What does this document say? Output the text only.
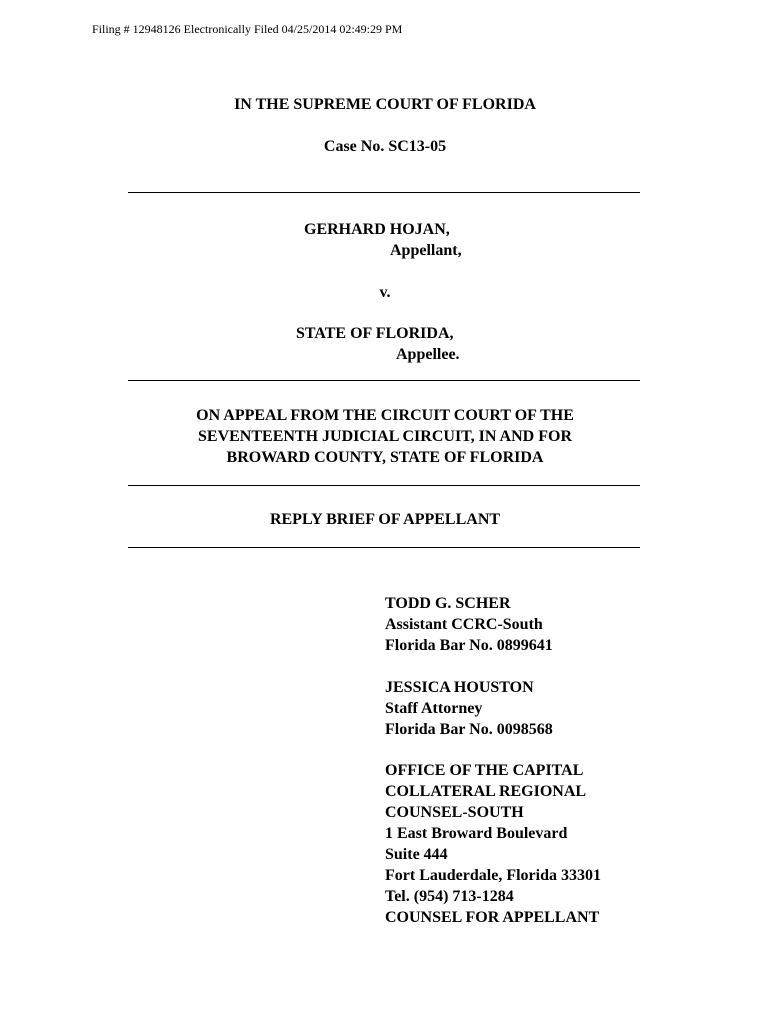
Filing # 12948126 Electronically Filed 04/25/2014 02:49:29 PM
IN THE SUPREME COURT OF FLORIDA
Case No. SC13-05
GERHARD HOJAN,
Appellant,
v.
STATE OF FLORIDA,
Appellee.
ON APPEAL FROM THE CIRCUIT COURT OF THE
SEVENTEENTH JUDICIAL CIRCUIT, IN AND FOR
BROWARD COUNTY, STATE OF FLORIDA
REPLY BRIEF OF APPELLANT
TODD G. SCHER
Assistant CCRC-South
Florida Bar No. 0899641
JESSICA HOUSTON
Staff Attorney
Florida Bar No. 0098568
OFFICE OF THE CAPITAL
COLLATERAL REGIONAL
COUNSEL-SOUTH
1 East Broward Boulevard
Suite 444
Fort Lauderdale, Florida 33301
Tel. (954) 713-1284
COUNSEL FOR APPELLANT
